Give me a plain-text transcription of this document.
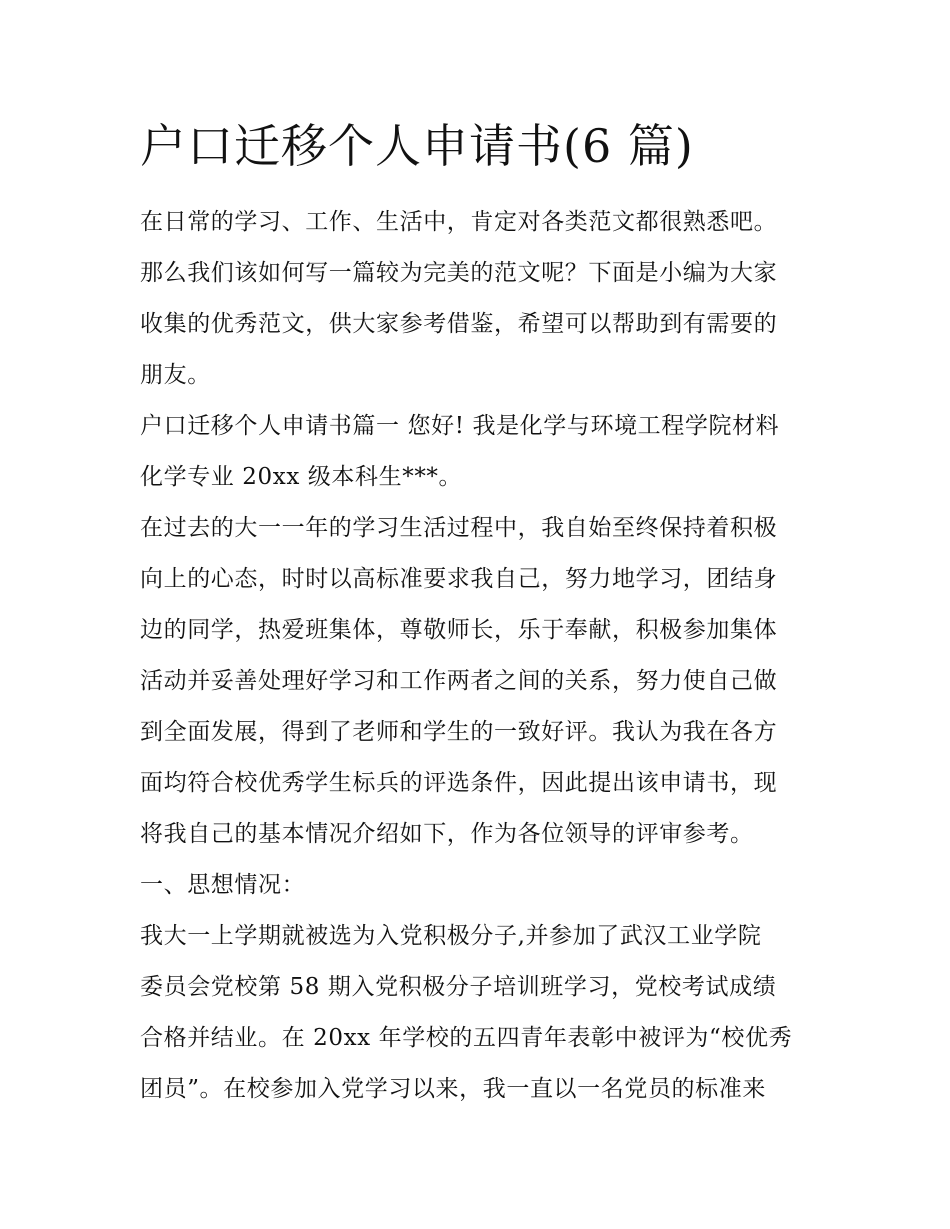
户口迁移个人申请书(6 篇)
在日常的学习、工作、生活中，肯定对各类范文都很熟悉吧。
那么我们该如何写一篇较为完美的范文呢？下面是小编为大家
收集的优秀范文，供大家参考借鉴，希望可以帮助到有需要的
朋友。
户口迁移个人申请书篇一 您好! 我是化学与环境工程学院材料
化学专业 20xx 级本科生***。
在过去的大一一年的学习生活过程中，我自始至终保持着积极
向上的心态，时时以高标准要求我自己，努力地学习，团结身
边的同学，热爱班集体，尊敬师长，乐于奉献，积极参加集体
活动并妥善处理好学习和工作两者之间的关系，努力使自己做
到全面发展，得到了老师和学生的一致好评。我认为我在各方
面均符合校优秀学生标兵的评选条件，因此提出该申请书，现
将我自己的基本情况介绍如下，作为各位领导的评审参考。
一、思想情况：
我大一上学期就被选为入党积极分子,并参加了武汉工业学院
委员会党校第 58 期入党积极分子培训班学习，党校考试成绩
合格并结业。在 20xx 年学校的五四青年表彰中被评为“校优秀
团员”。在校参加入党学习以来，我一直以一名党员的标准来
